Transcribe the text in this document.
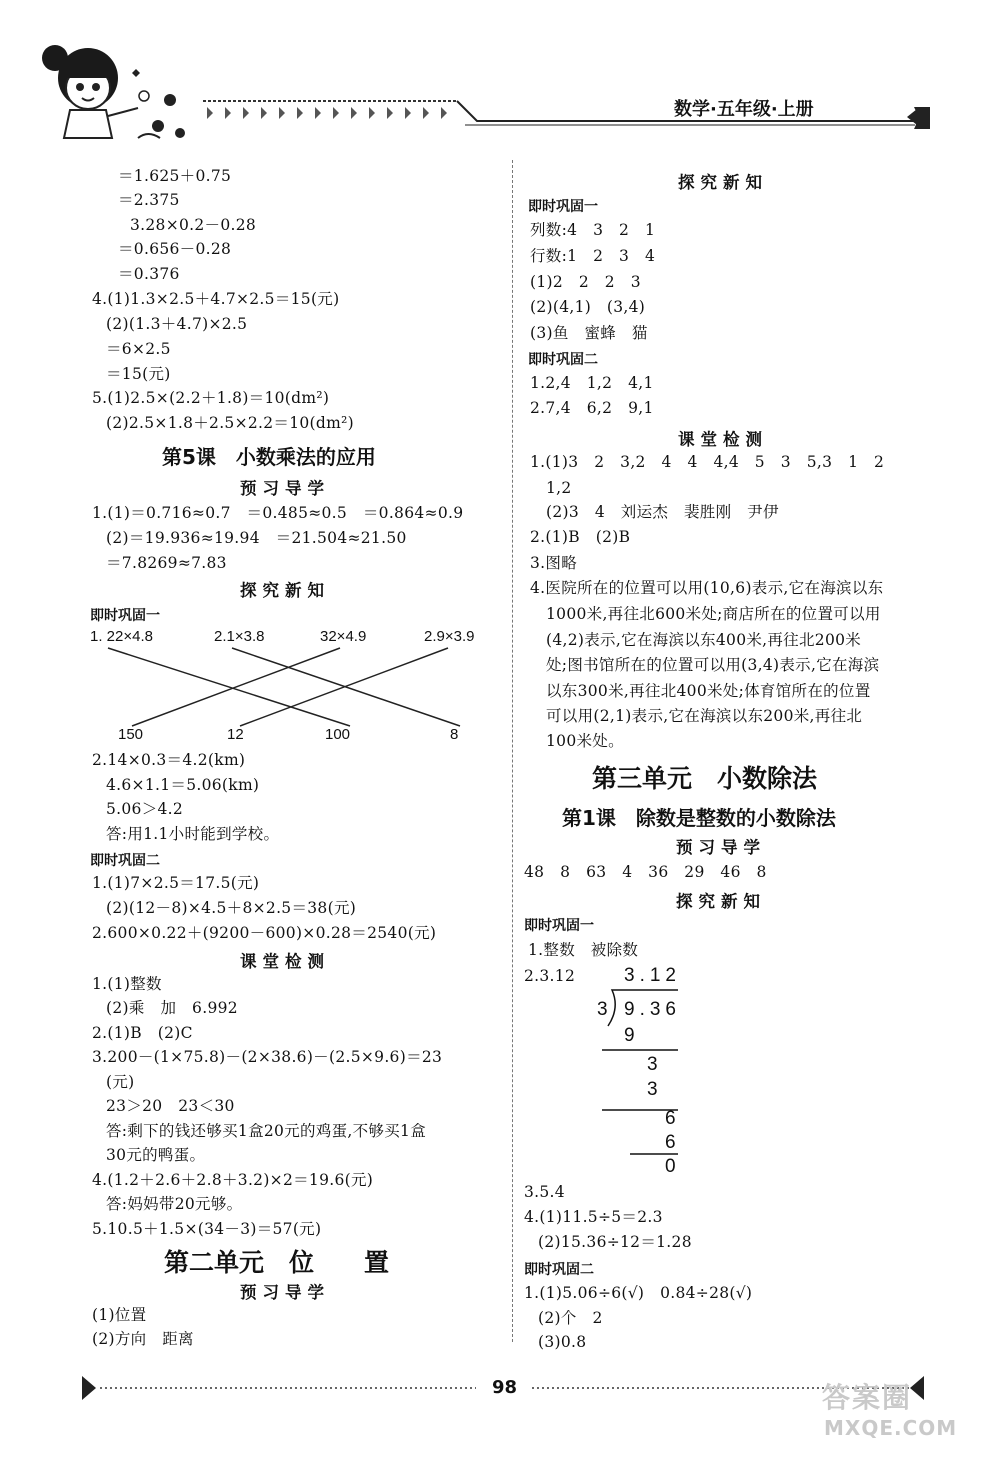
数学·五年级·上册
＝1.625＋0.75
＝2.375
3.28×0.2－0.28
＝0.656－0.28
＝0.376
4.(1)1.3×2.5＋4.7×2.5＝15(元)
(2)(1.3＋4.7)×2.5
＝6×2.5
＝15(元)
5.(1)2.5×(2.2＋1.8)＝10(dm²)
(2)2.5×1.8＋2.5×2.2＝10(dm²)
第5课　小数乘法的应用
预习导学
1.(1)＝0.716≈0.7　＝0.485≈0.5　＝0.864≈0.9
(2)＝19.936≈19.94　＝21.504≈21.50
＝7.8269≈7.83
探究新知
即时巩固一
1. 22×4.8	2.1×3.8	32×4.9	2.9×3.9
150	12	100	8
2.14×0.3＝4.2(km)
4.6×1.1＝5.06(km)
5.06＞4.2
答:用1.1小时能到学校。
即时巩固二
1.(1)7×2.5＝17.5(元)
(2)(12－8)×4.5＋8×2.5＝38(元)
2.600×0.22＋(9200－600)×0.28＝2540(元)
课堂检测
1.(1)整数
(2)乘　加　6.992
2.(1)B　(2)C
3.200－(1×75.8)－(2×38.6)－(2.5×9.6)＝23
(元)
23＞20　23＜30
答:剩下的钱还够买1盒20元的鸡蛋,不够买1盒
30元的鸭蛋。
4.(1.2＋2.6＋2.8＋3.2)×2＝19.6(元)
答:妈妈带20元够。
5.10.5＋1.5×(34－3)＝57(元)
第二单元　位　　置
预习导学
(1)位置
(2)方向　距离
探究新知
即时巩固一
列数:4　3　2　1
行数:1　2　3　4
(1)2　2　2　3
(2)(4,1)　(3,4)
(3)鱼　蜜蜂　猫
即时巩固二
1.2,4　1,2　4,1
2.7,4　6,2　9,1
课堂检测
1.(1)3　2　3,2　4　4　4,4　5　3　5,3　1　2
1,2
(2)3　4　刘运杰　裴胜刚　尹伊
2.(1)B　(2)B
3.图略
4.医院所在的位置可以用(10,6)表示,它在海滨以东
1000米,再往北600米处;商店所在的位置可以用
(4,2)表示,它在海滨以东400米,再往北200米
处;图书馆所在的位置可以用(3,4)表示,它在海滨
以东300米,再往北400米处;体育馆所在的位置
可以用(2,1)表示,它在海滨以东200米,再往北
100米处。
第三单元　小数除法
第1课　除数是整数的小数除法
预习导学
48　8　63　4　36　29　46　8
探究新知
即时巩固一
1.整数　被除数
2.3.12	3.12
3 9.36
9
3
3
6
6
0
3.5.4
4.(1)11.5÷5＝2.3
(2)15.36÷12＝1.28
即时巩固二
1.(1)5.06÷6(√)　0.84÷28(√)
(2)个　2
(3)0.8
98	答案圈
MXQE.COM
